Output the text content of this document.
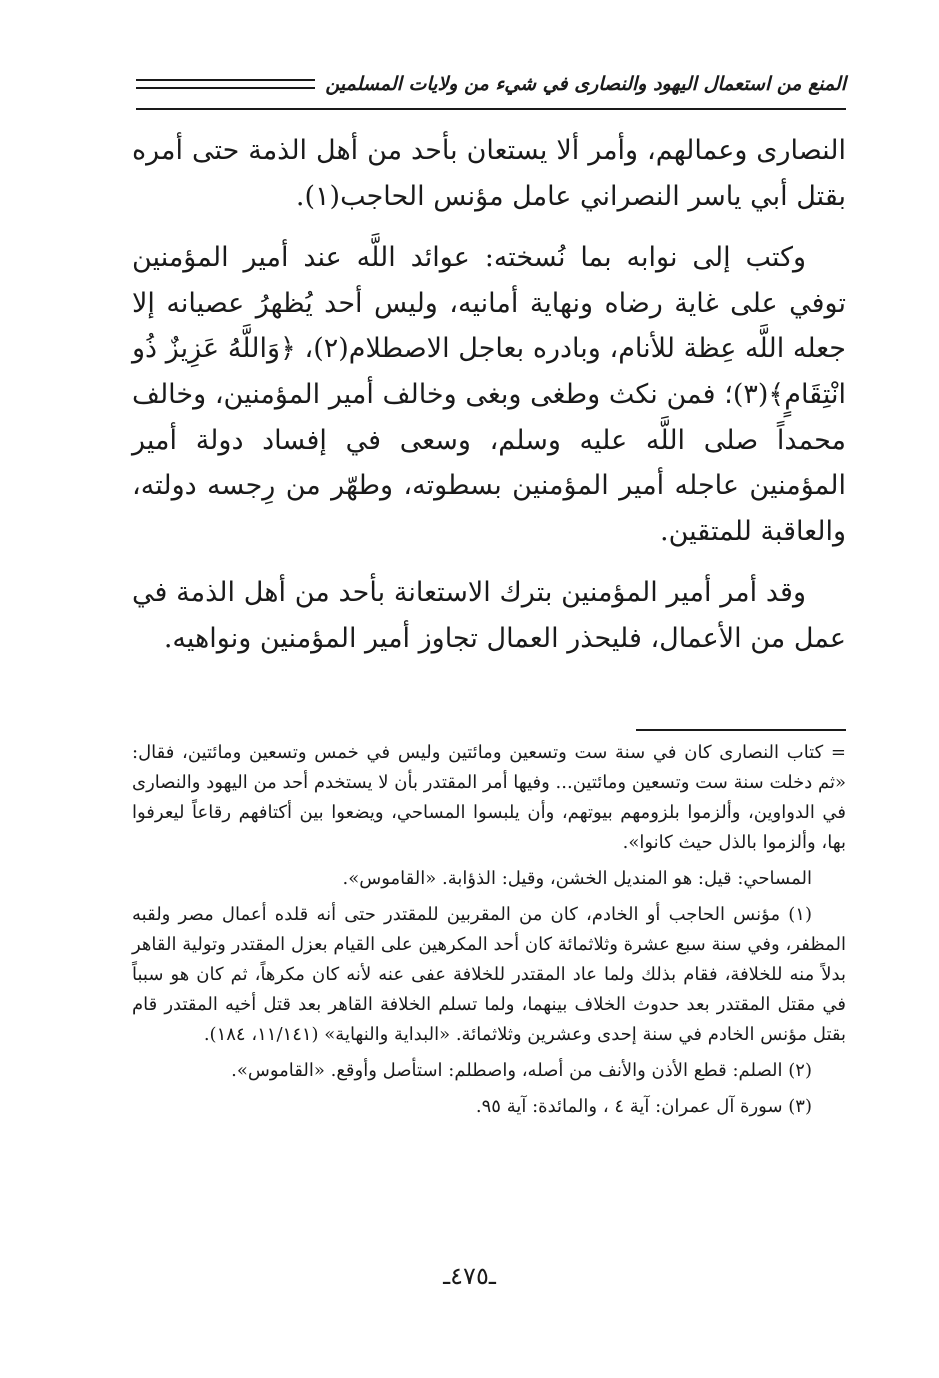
المنع من استعمال اليهود والنصارى في شيء من ولايات المسلمين

النصارى وعمالهم، وأمر ألا يستعان بأحد من أهل الذمة حتى أمره بقتل أبي ياسر النصراني عامل مؤنس الحاجب(١).

وكتب إلى نوابه بما نُسخته: عوائد اللَّه عند أمير المؤمنين توفي على غاية رضاه ونهاية أمانيه، وليس أحد يُظهرُ عصيانه إلا جعله اللَّه عِظة للأنام، وبادره بعاجل الاصطلام(٢)، ﴿وَاللَّهُ عَزِيزٌ ذُو انْتِقَامٍ﴾(٣)؛ فمن نكث وطغى وبغى وخالف أمير المؤمنين، وخالف محمداً صلى اللَّه عليه وسلم، وسعى في إفساد دولة أمير المؤمنين عاجله أمير المؤمنين بسطوته، وطهّر من رِجسه دولته، والعاقبة للمتقين.

وقد أمر أمير المؤمنين بترك الاستعانة بأحد من أهل الذمة في عمل من الأعمال، فليحذر العمال تجاوز أمير المؤمنين ونواهيه.

= كتاب النصارى كان في سنة ست وتسعين ومائتين وليس في خمس وتسعين ومائتين، فقال: «ثم دخلت سنة ست وتسعين ومائتين... وفيها أمر المقتدر بأن لا يستخدم أحد من اليهود والنصارى في الدواوين، وألزموا بلزومهم بيوتهم، وأن يلبسوا المساحي، ويضعوا بين أكتافهم رقاعاً ليعرفوا بها، وألزموا بالذل حيث كانوا».

المساحي: قيل: هو المنديل الخشن، وقيل: الذؤابة. «القاموس».

(١) مؤنس الحاجب أو الخادم، كان من المقربين للمقتدر حتى أنه قلده أعمال مصر ولقبه المظفر، وفي سنة سبع عشرة وثلاثمائة كان أحد المكرهين على القيام بعزل المقتدر وتولية القاهر بدلاً منه للخلافة، فقام بذلك ولما عاد المقتدر للخلافة عفى عنه لأنه كان مكرهاً، ثم كان هو سبباً في مقتل المقتدر بعد حدوث الخلاف بينهما، ولما تسلم الخلافة القاهر بعد قتل أخيه المقتدر قام بقتل مؤنس الخادم في سنة إحدى وعشرين وثلاثمائة. «البداية والنهاية» (١١/١٤١، ١٨٤).

(٢) الصلم: قطع الأذن والأنف من أصله، واصطلم: استأصل وأوقع. «القاموس».

(٣) سورة آل عمران: آية ٤ ، والمائدة: آية ٩٥.

ـ٤٧٥ـ
